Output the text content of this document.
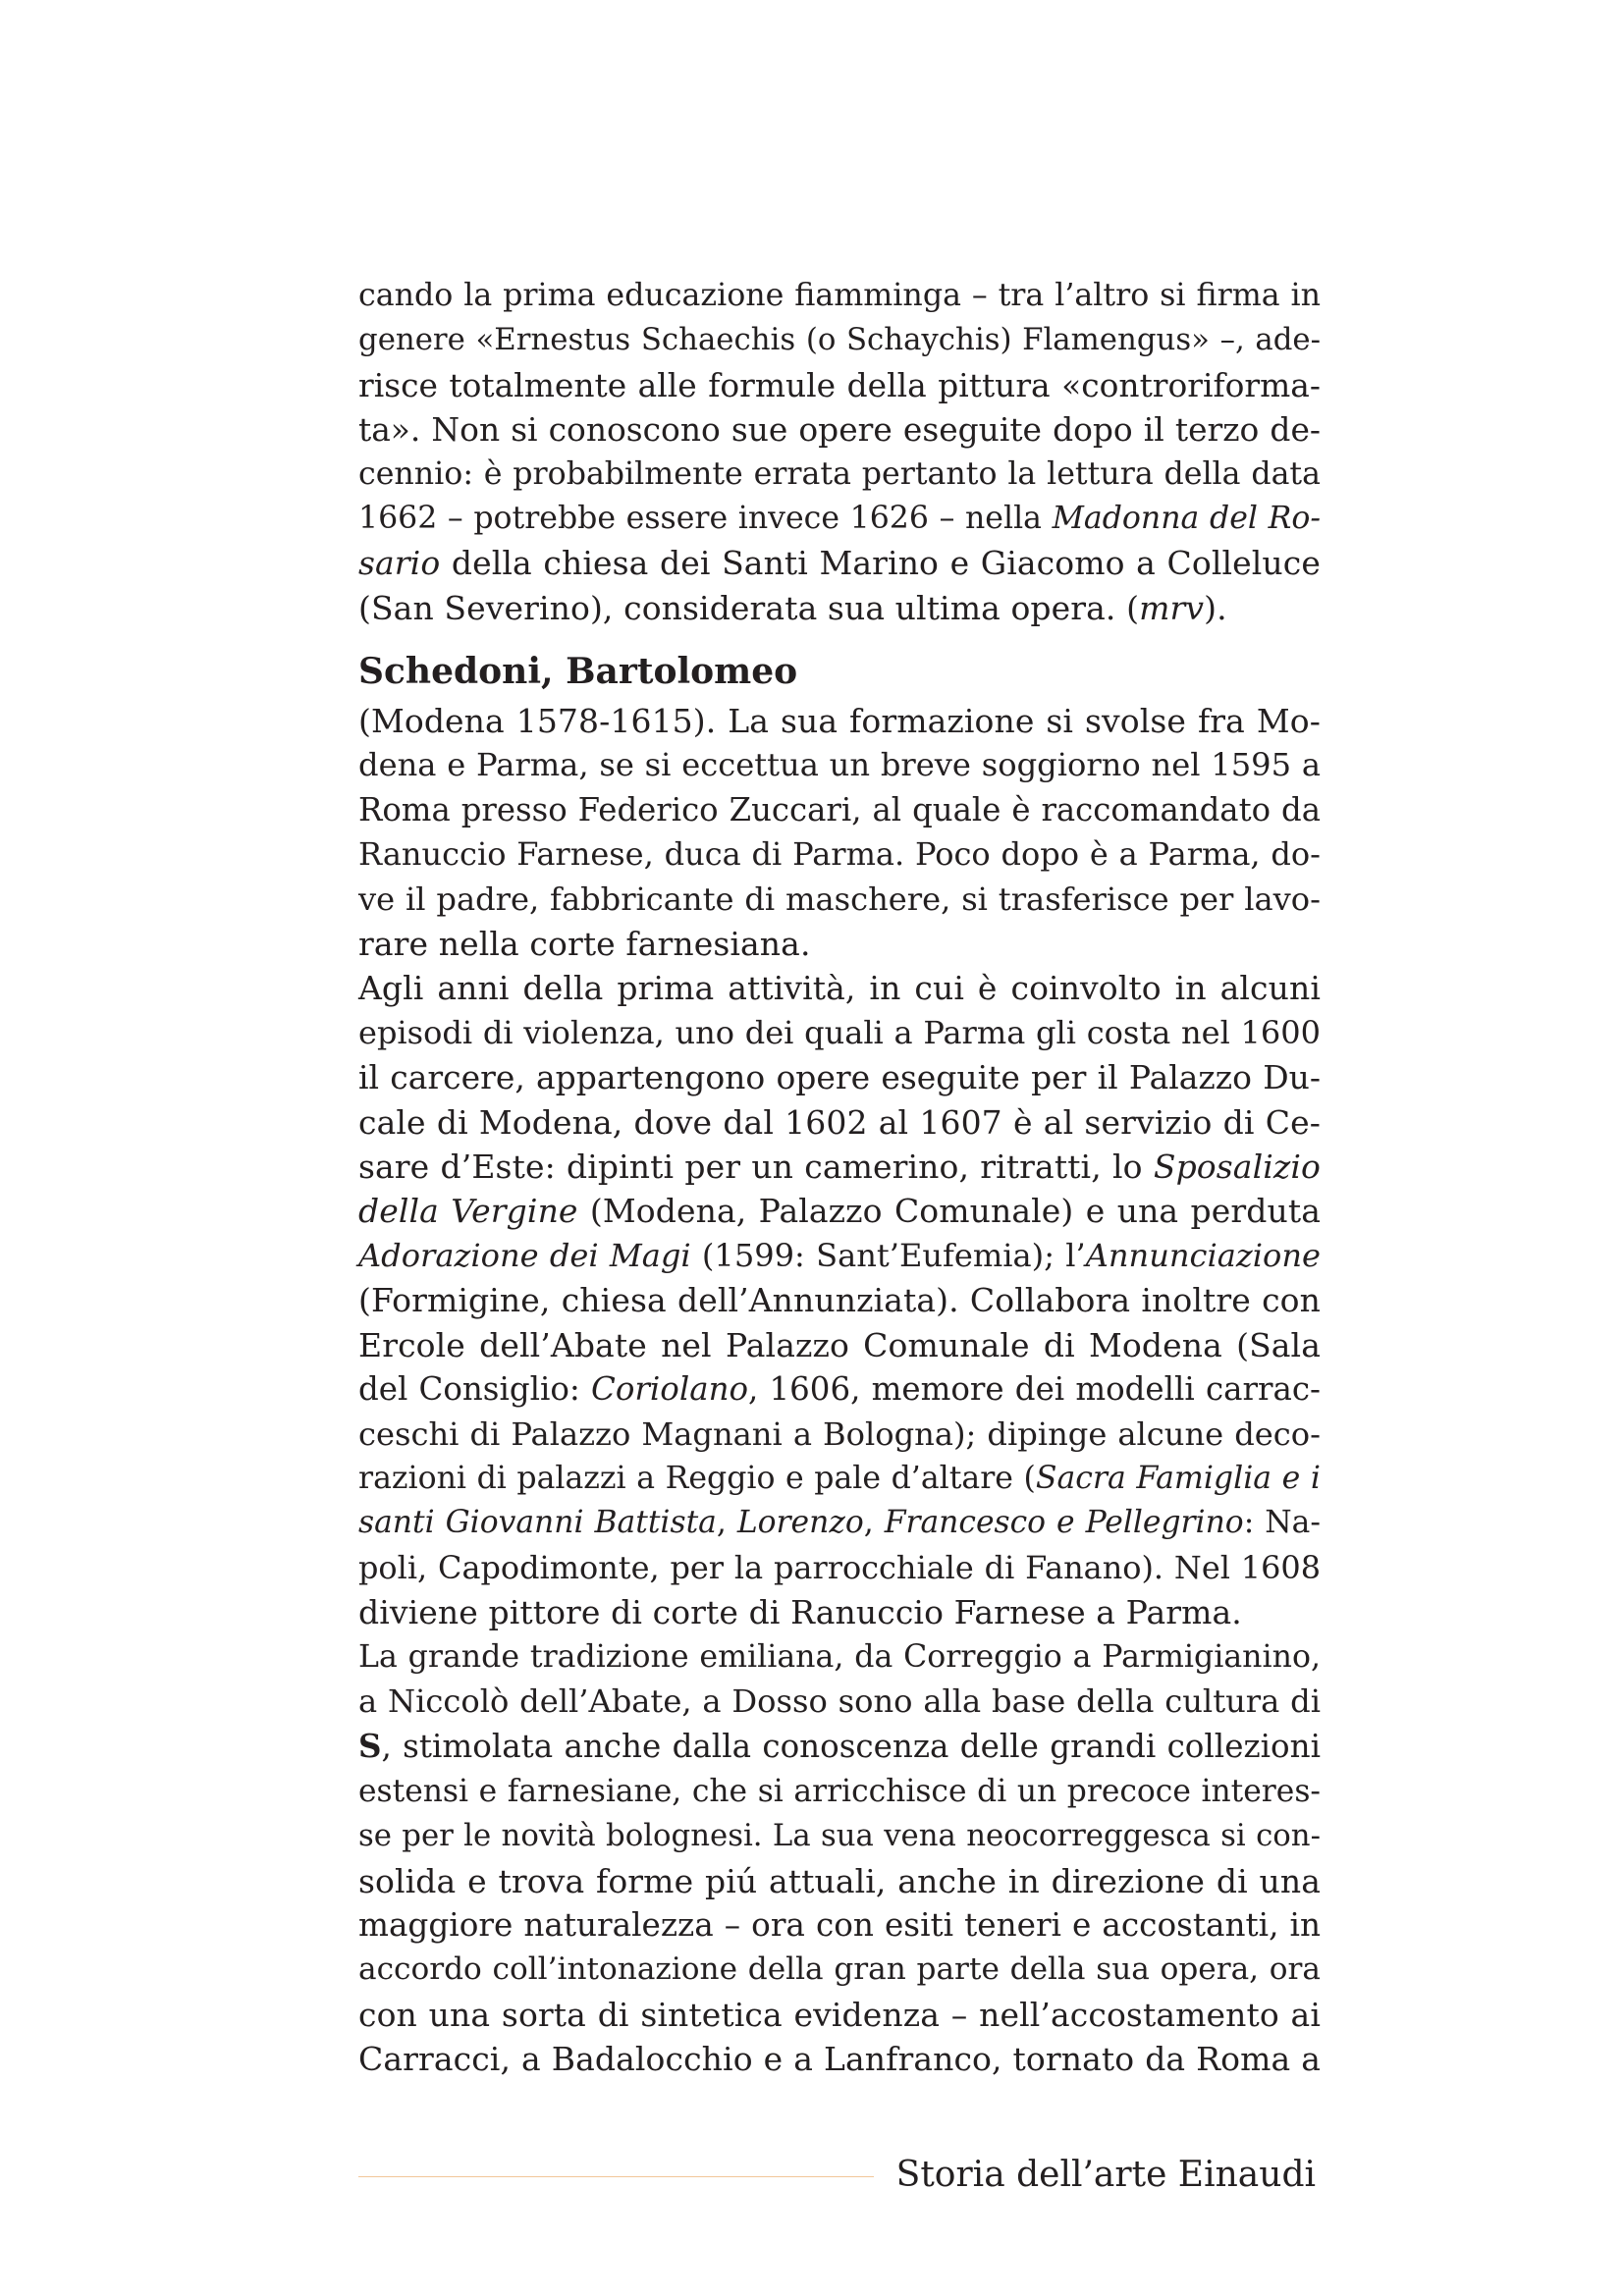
cando la prima educazione fiamminga – tra l’altro si firma in
genere «Ernestus Schaechis (o Schaychis) Flamengus» –, ade-
risce totalmente alle formule della pittura «controriforma-
ta». Non si conoscono sue opere eseguite dopo il terzo de-
cennio: è probabilmente errata pertanto la lettura della data
1662 – potrebbe essere invece 1626 – nella Madonna del Ro-
sario della chiesa dei Santi Marino e Giacomo a Colleluce
(San Severino), considerata sua ultima opera. (mrv).
Schedoni, Bartolomeo
(Modena 1578-1615). La sua formazione si svolse fra Mo-
dena e Parma, se si eccettua un breve soggiorno nel 1595 a
Roma presso Federico Zuccari, al quale è raccomandato da
Ranuccio Farnese, duca di Parma. Poco dopo è a Parma, do-
ve il padre, fabbricante di maschere, si trasferisce per lavo-
rare nella corte farnesiana.
Agli anni della prima attività, in cui è coinvolto in alcuni
episodi di violenza, uno dei quali a Parma gli costa nel 1600
il carcere, appartengono opere eseguite per il Palazzo Du-
cale di Modena, dove dal 1602 al 1607 è al servizio di Ce-
sare d’Este: dipinti per un camerino, ritratti, lo Sposalizio
della Vergine (Modena, Palazzo Comunale) e una perduta
Adorazione dei Magi (1599: Sant’Eufemia); l’Annunciazione
(Formigine, chiesa dell’Annunziata). Collabora inoltre con
Ercole dell’Abate nel Palazzo Comunale di Modena (Sala
del Consiglio: Coriolano, 1606, memore dei modelli carrac-
ceschi di Palazzo Magnani a Bologna); dipinge alcune deco-
razioni di palazzi a Reggio e pale d’altare (Sacra Famiglia e i
santi Giovanni Battista, Lorenzo, Francesco e Pellegrino: Na-
poli, Capodimonte, per la parrocchiale di Fanano). Nel 1608
diviene pittore di corte di Ranuccio Farnese a Parma.
La grande tradizione emiliana, da Correggio a Parmigianino,
a Niccolò dell’Abate, a Dosso sono alla base della cultura di
S, stimolata anche dalla conoscenza delle grandi collezioni
estensi e farnesiane, che si arricchisce di un precoce interes-
se per le novità bolognesi. La sua vena neocorreggesca si con-
solida e trova forme piú attuali, anche in direzione di una
maggiore naturalezza – ora con esiti teneri e accostanti, in
accordo coll’intonazione della gran parte della sua opera, ora
con una sorta di sintetica evidenza – nell’accostamento ai
Carracci, a Badalocchio e a Lanfranco, tornato da Roma a
Storia dell’arte Einaudi
